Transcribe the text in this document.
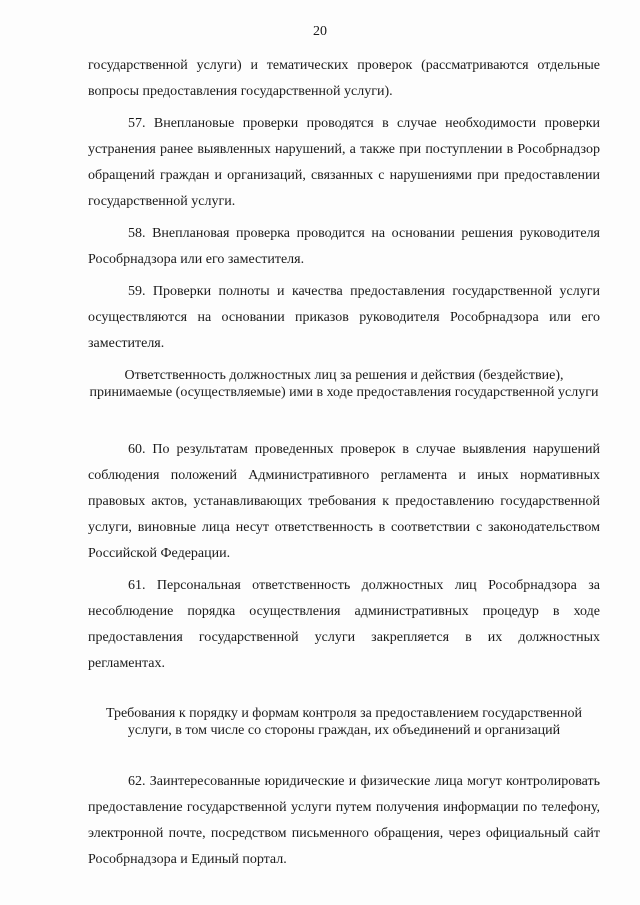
20

государственной услуги) и тематических проверок (рассматриваются отдельные вопросы предоставления государственной услуги).

57. Внеплановые проверки проводятся в случае необходимости проверки устранения ранее выявленных нарушений, а также при поступлении в Рособрнадзор обращений граждан и организаций, связанных с нарушениями при предоставлении государственной услуги.

58. Внеплановая проверка проводится на основании решения руководителя Рособрнадзора или его заместителя.

59. Проверки полноты и качества предоставления государственной услуги осуществляются на основании приказов руководителя Рособрнадзора или его заместителя.

Ответственность должностных лиц за решения и действия (бездействие), принимаемые (осуществляемые) ими в ходе предоставления государственной услуги

60. По результатам проведенных проверок в случае выявления нарушений соблюдения положений Административного регламента и иных нормативных правовых актов, устанавливающих требования к предоставлению государственной услуги, виновные лица несут ответственность в соответствии с законодательством Российской Федерации.

61. Персональная ответственность должностных лиц Рособрнадзора за несоблюдение порядка осуществления административных процедур в ходе предоставления государственной услуги закрепляется в их должностных регламентах.

Требования к порядку и формам контроля за предоставлением государственной услуги, в том числе со стороны граждан, их объединений и организаций

62. Заинтересованные юридические и физические лица могут контролировать предоставление государственной услуги путем получения информации по телефону, электронной почте, посредством письменного обращения, через официальный сайт Рособрнадзора и Единый портал.
